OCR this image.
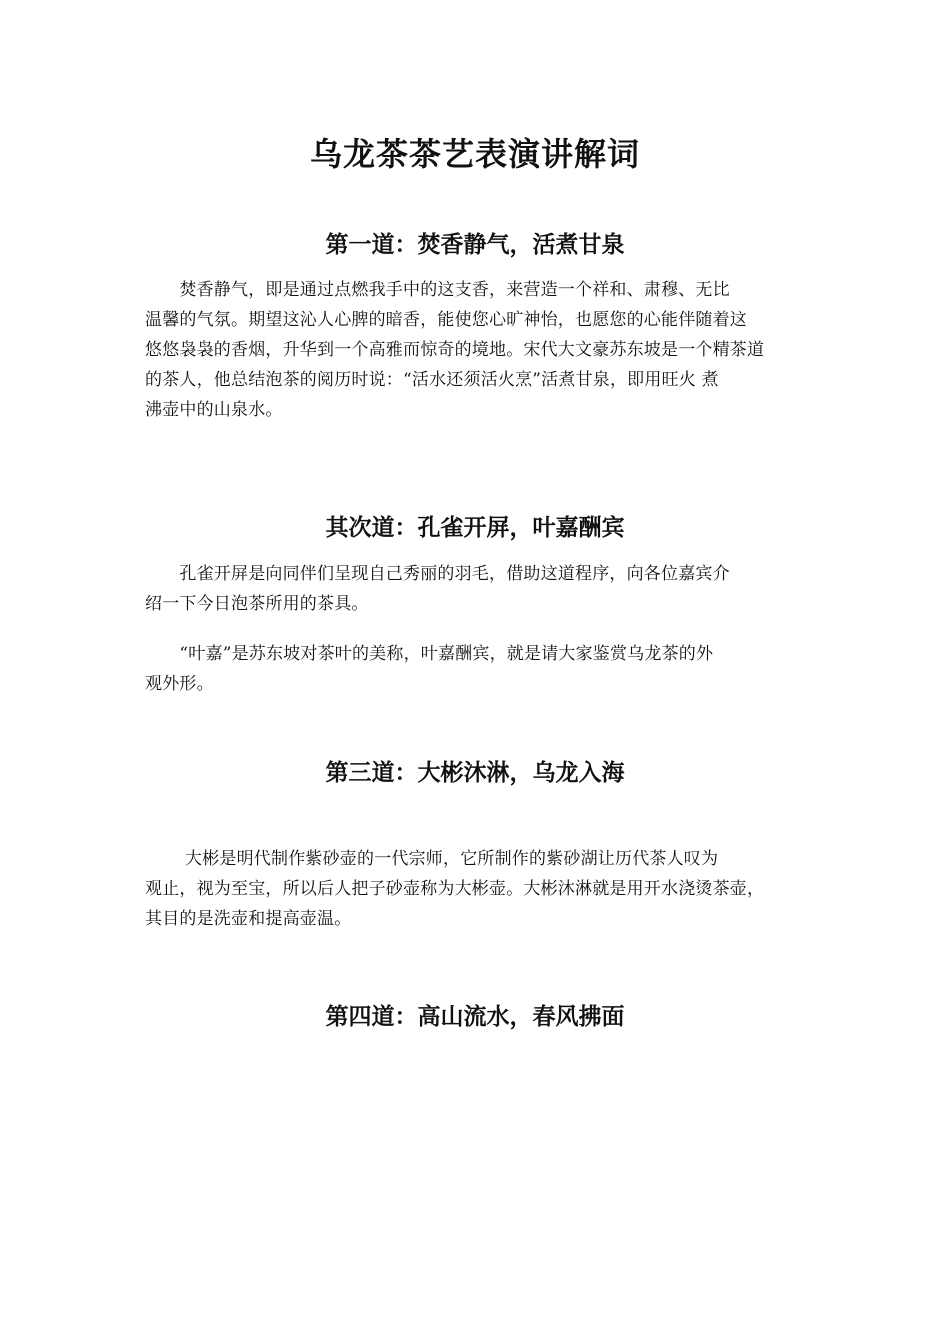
乌龙茶茶艺表演讲解词
第一道：焚香静气，活煮甘泉

　　焚香静气，即是通过点燃我手中的这支香，来营造一个祥和、肃穆、无比
温馨的气氛。期望这沁人心脾的暗香，能使您心旷神怡，也愿您的心能伴随着这
悠悠袅袅的香烟，升华到一个高雅而惊奇的境地。宋代大文豪苏东坡是一个精茶道
的茶人，他总结泡茶的阅历时说：“活水还须活火烹”活煮甘泉，即用旺火 煮
沸壶中的山泉水。

其次道：孔雀开屏，叶嘉酬宾

　　孔雀开屏是向同伴们呈现自己秀丽的羽毛，借助这道程序，向各位嘉宾介
绍一下今日泡茶所用的茶具。

　　“叶嘉”是苏东坡对茶叶的美称，叶嘉酬宾，就是请大家鉴赏乌龙茶的外
观外形。

第三道：大彬沐淋，乌龙入海

　　 大彬是明代制作紫砂壶的一代宗师，它所制作的紫砂湖让历代茶人叹为
观止，视为至宝，所以后人把子砂壶称为大彬壶。大彬沐淋就是用开水浇烫茶壶，
其目的是洗壶和提高壶温。

第四道：高山流水，春风拂面
